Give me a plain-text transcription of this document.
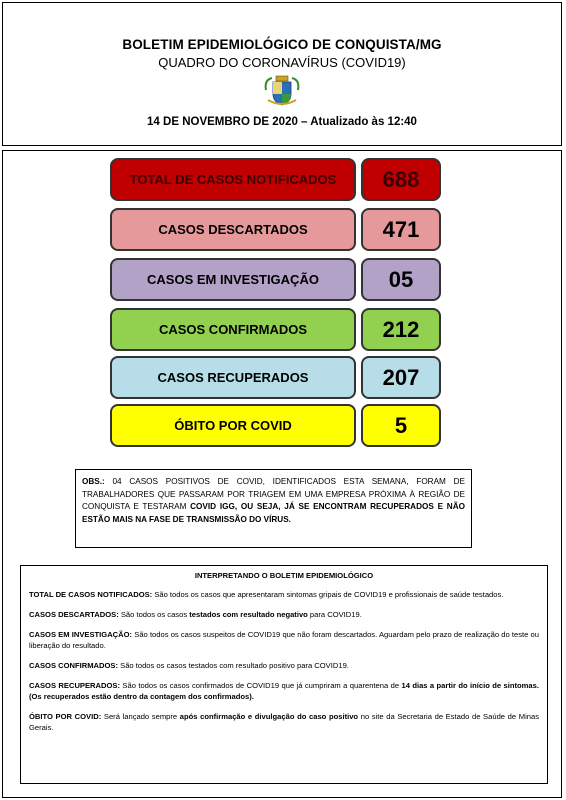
BOLETIM EPIDEMIOLÓGICO DE CONQUISTA/MG
QUADRO DO CORONAVÍRUS (COVID19)
14 DE NOVEMBRO DE 2020 – Atualizado às 12:40
TOTAL DE CASOS NOTIFICADOS	688
CASOS DESCARTADOS	471
CASOS EM INVESTIGAÇÃO	05
CASOS CONFIRMADOS	212
CASOS RECUPERADOS	207
ÓBITO POR COVID	5
OBS.: 04 CASOS POSITIVOS DE COVID, IDENTIFICADOS ESTA SEMANA, FORAM DE TRABALHADORES QUE PASSARAM POR TRIAGEM EM UMA EMPRESA PRÓXIMA À REGIÃO DE CONQUISTA E TESTARAM COVID IGG, OU SEJA, JÁ SE ENCONTRAM RECUPERADOS E NÃO ESTÃO MAIS NA FASE DE TRANSMISSÃO DO VÍRUS.
INTERPRETANDO O BOLETIM EPIDEMIOLÓGICO

TOTAL DE CASOS NOTIFICADOS: São todos os casos que apresentaram sintomas gripais de COVID19 e profissionais de saúde testados.

CASOS DESCARTADOS: São todos os casos testados com resultado negativo para COVID19.

CASOS EM INVESTIGAÇÃO: São todos os casos suspeitos de COVID19 que não foram descartados. Aguardam pelo prazo de realização do teste ou liberação do resultado.

CASOS CONFIRMADOS: São todos os casos testados com resultado positivo para COVID19.

CASOS RECUPERADOS: São todos os casos confirmados de COVID19 que já cumpriram a quarentena de 14 dias a partir do início de sintomas. (Os recuperados estão dentro da contagem dos confirmados).

ÓBITO POR COVID: Será lançado sempre após confirmação e divulgação do caso positivo no site da Secretaria de Estado de Saúde de Minas Gerais.
